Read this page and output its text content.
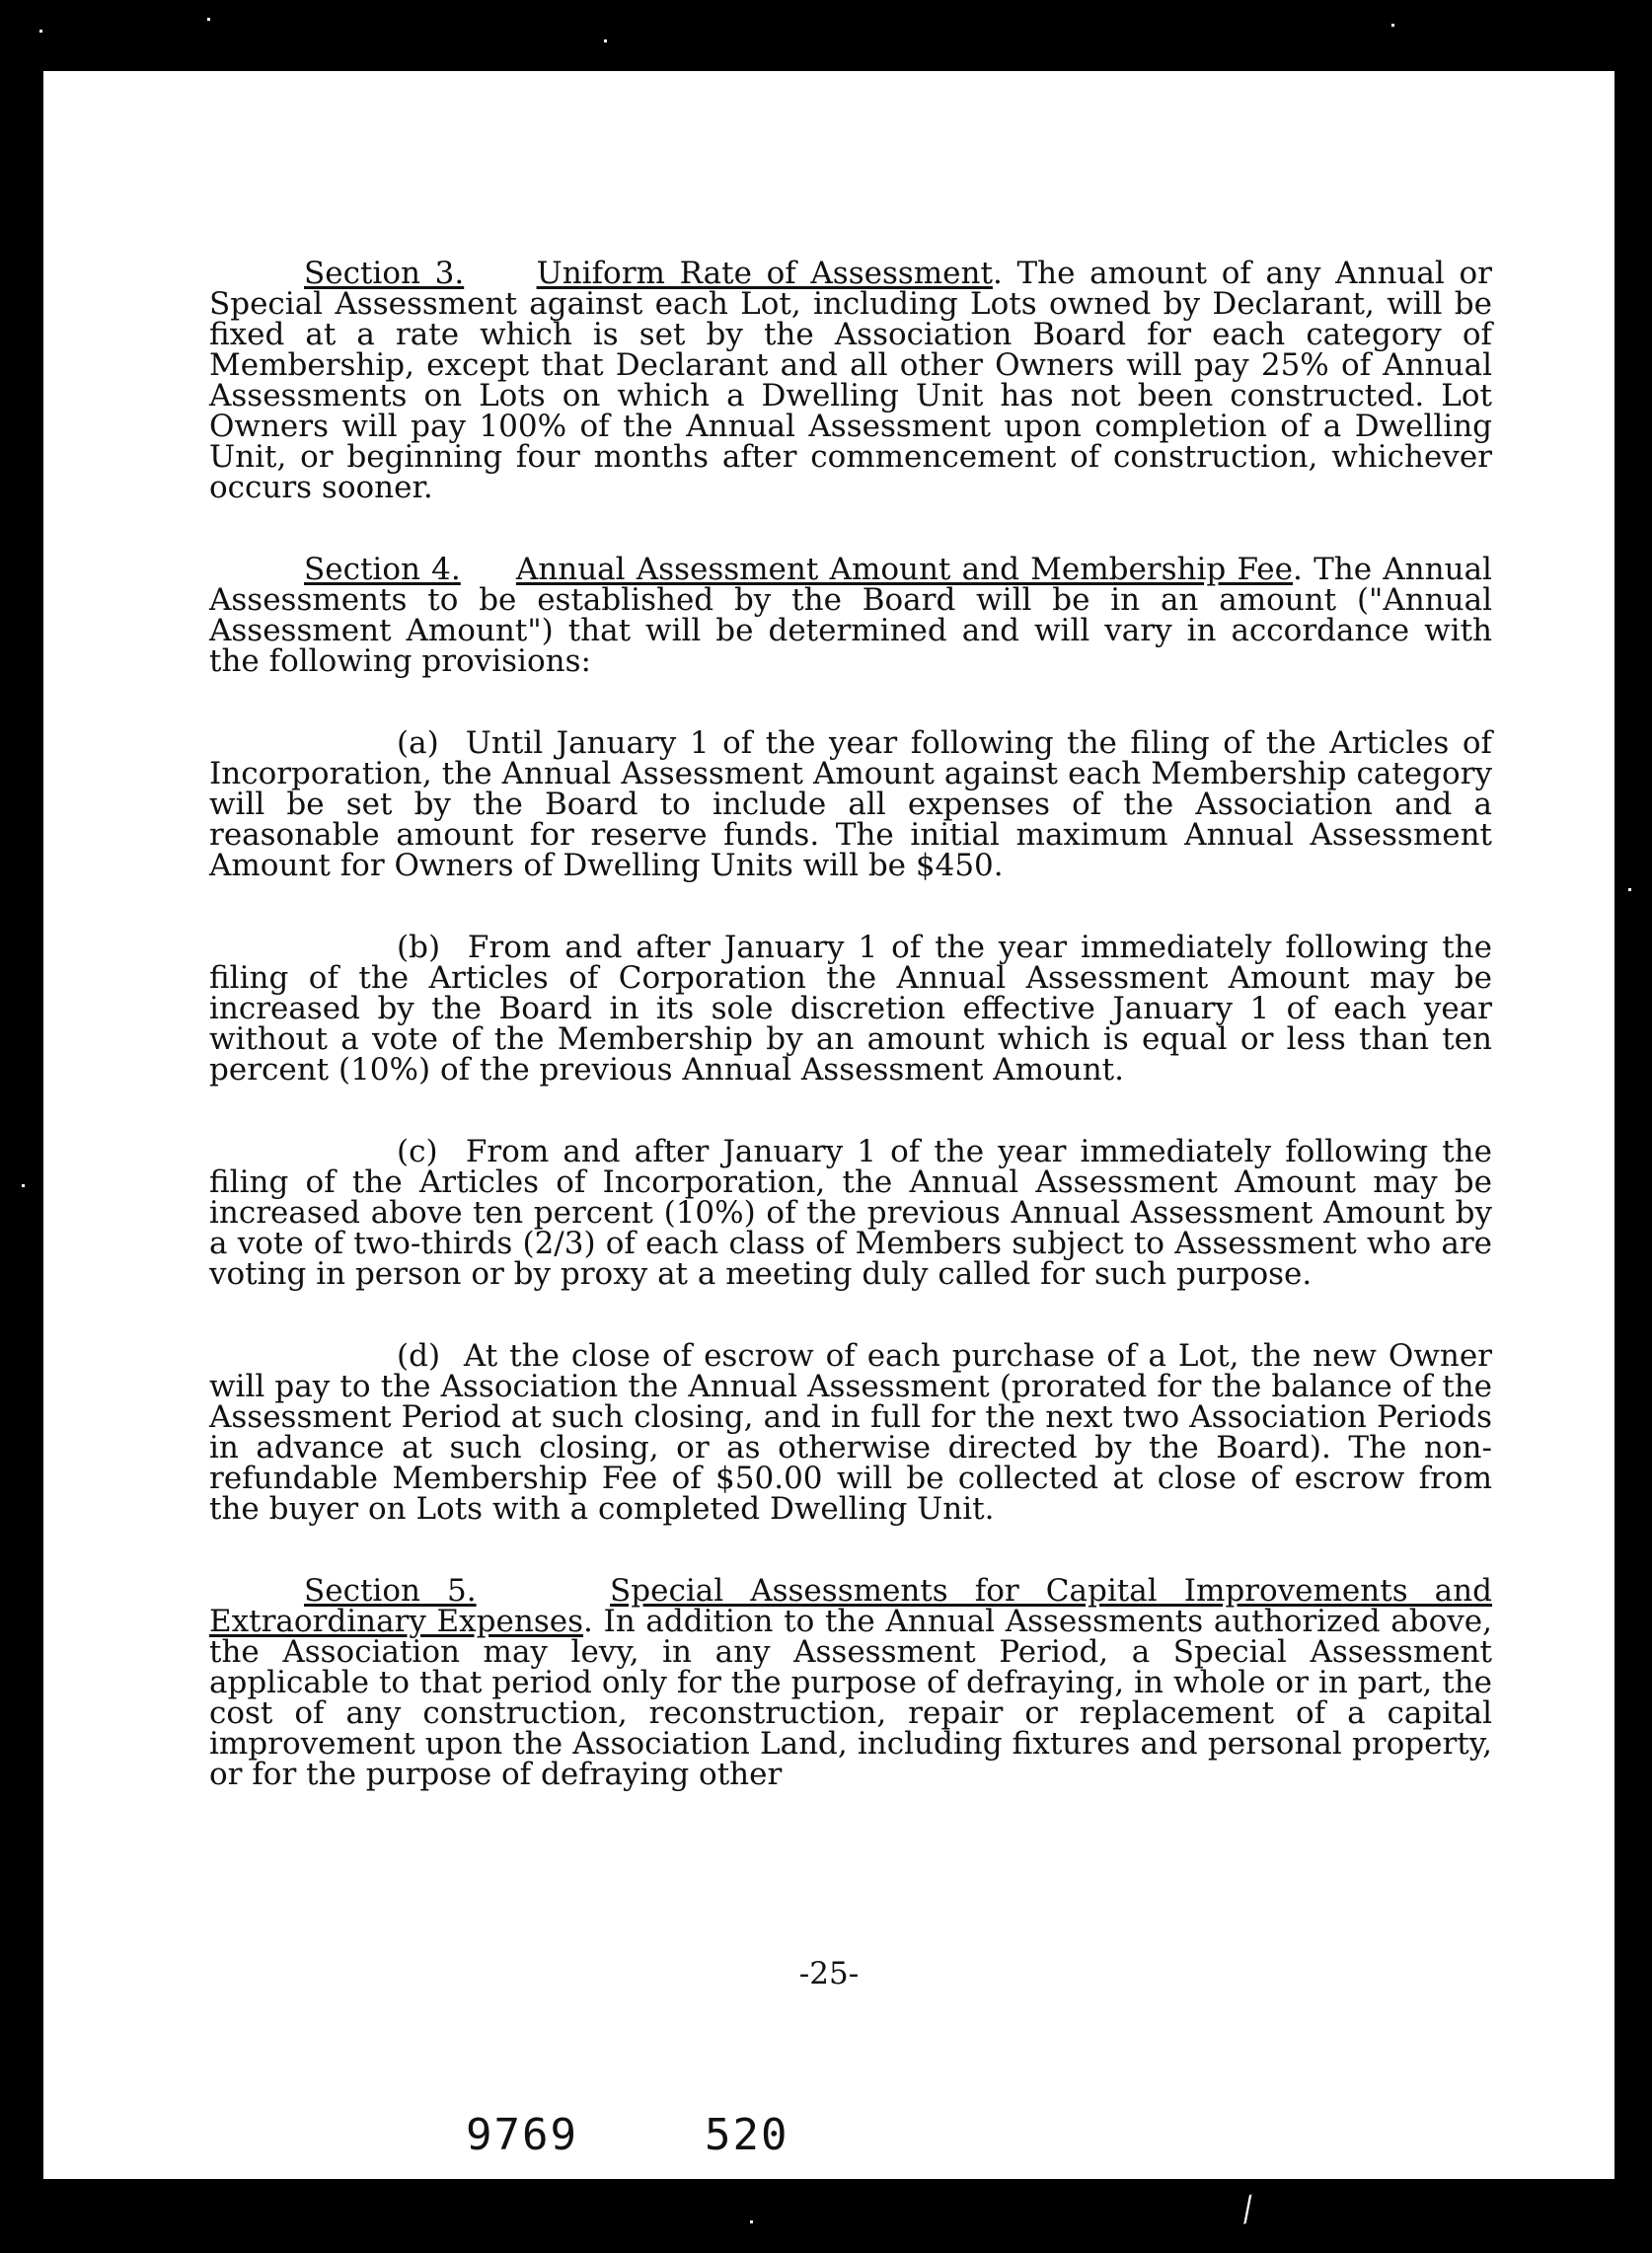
Section 3. Uniform Rate of Assessment. The amount of any Annual or Special Assessment against each Lot, including Lots owned by Declarant, will be fixed at a rate which is set by the Association Board for each category of Membership, except that Declarant and all other Owners will pay 25% of Annual Assessments on Lots on which a Dwelling Unit has not been constructed. Lot Owners will pay 100% of the Annual Assessment upon completion of a Dwelling Unit, or beginning four months after commencement of construction, whichever occurs sooner.

Section 4. Annual Assessment Amount and Membership Fee. The Annual Assessments to be established by the Board will be in an amount ("Annual Assessment Amount") that will be determined and will vary in accordance with the following provisions:

(a) Until January 1 of the year following the filing of the Articles of Incorporation, the Annual Assessment Amount against each Membership category will be set by the Board to include all expenses of the Association and a reasonable amount for reserve funds. The initial maximum Annual Assessment Amount for Owners of Dwelling Units will be $450.

(b) From and after January 1 of the year immediately following the filing of the Articles of Corporation the Annual Assessment Amount may be increased by the Board in its sole discretion effective January 1 of each year without a vote of the Membership by an amount which is equal or less than ten percent (10%) of the previous Annual Assessment Amount.

(c) From and after January 1 of the year immediately following the filing of the Articles of Incorporation, the Annual Assessment Amount may be increased above ten percent (10%) of the previous Annual Assessment Amount by a vote of two-thirds (2/3) of each class of Members subject to Assessment who are voting in person or by proxy at a meeting duly called for such purpose.

(d) At the close of escrow of each purchase of a Lot, the new Owner will pay to the Association the Annual Assessment (prorated for the balance of the Assessment Period at such closing, and in full for the next two Association Periods in advance at such closing, or as otherwise directed by the Board). The non-refundable Membership Fee of $50.00 will be collected at close of escrow from the buyer on Lots with a completed Dwelling Unit.

Section 5.	Special Assessments for Capital Improvements and Extraordinary Expenses. In addition to the Annual Assessments authorized above, the Association may levy, in any Assessment Period, a Special Assessment applicable to that period only for the purpose of defraying, in whole or in part, the cost of any construction, reconstruction, repair or replacement of a capital improvement upon the Association Land, including fixtures and personal property, or for the purpose of defraying other

-25-
9769	520
⁄
